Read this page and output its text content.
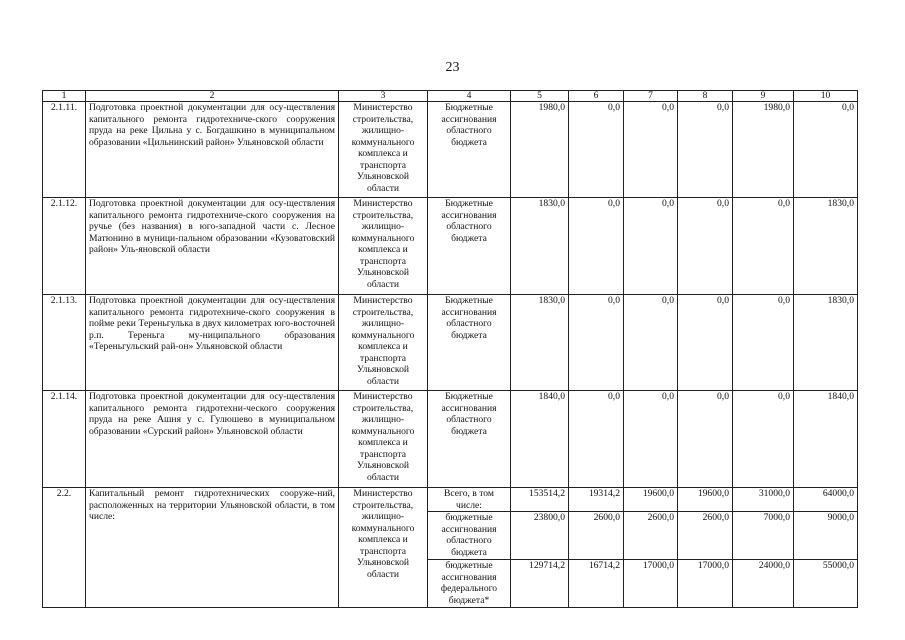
23
1	2	3	4	5	6	7	8	9	10
2.1.11.	Подготовка проектной документации для осу-ществления капитального ремонта гидротехниче-ского сооружения пруда на реке Цильна у с. Богдашкино в муниципальном образовании «Цильнинский район» Ульяновской области	Министерство строительства, жилищно-коммунального комплекса и транспорта Ульяновской области	Бюджетные ассигнования областного бюджета	1980,0	0,0	0,0	0,0	1980,0	0,0
2.1.12.	Подготовка проектной документации для осу-ществления капитального ремонта гидротехниче-ского сооружения на ручье (без названия) в юго-западной части с. Лесное Матюнино в муници-пальном образовании «Кузоватовский район» Уль-яновской области	Министерство строительства, жилищно-коммунального комплекса и транспорта Ульяновской области	Бюджетные ассигнования областного бюджета	1830,0	0,0	0,0	0,0	0,0	1830,0
2.1.13.	Подготовка проектной документации для осу-ществления капитального ремонта гидротехниче-ского сооружения в пойме реки Тереньгулька в двух километрах юго-восточней р.п. Тереньга му-ниципального образования «Тереньгульский рай-он» Ульяновской области	Министерство строительства, жилищно-коммунального комплекса и транспорта Ульяновской области	Бюджетные ассигнования областного бюджета	1830,0	0,0	0,0	0,0	0,0	1830,0
2.1.14.	Подготовка проектной документации для осу-ществления капитального ремонта гидротехни-ческого сооружения пруда на реке Ашня у с. Гулюшево в муниципальном образовании «Сурский район» Ульяновской области	Министерство строительства, жилищно-коммунального комплекса и транспорта Ульяновской области	Бюджетные ассигнования областного бюджета	1840,0	0,0	0,0	0,0	0,0	1840,0
2.2.	Капитальный ремонт гидротехнических сооруже-ний, расположенных на территории Ульяновской области, в том числе:	Министерство строительства, жилищно-коммунального комплекса и транспорта Ульяновской области	Всего, в том числе:	153514,2	19314,2	19600,0	19600,0	31000,0	64000,0
			бюджетные ассигнования областного бюджета	23800,0	2600,0	2600,0	2600,0	7000,0	9000,0
			бюджетные ассигнования федерального бюджета*	129714,2	16714,2	17000,0	17000,0	24000,0	55000,0
